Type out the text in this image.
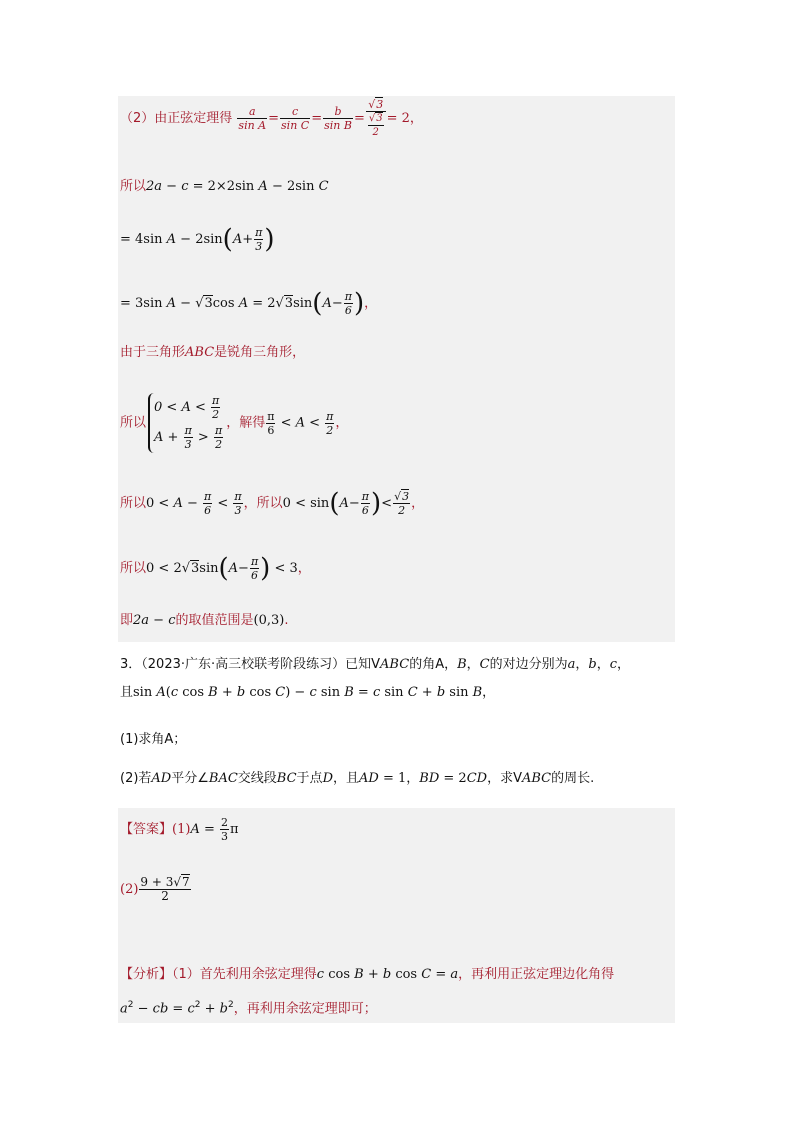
（2）由正弦定理得 $\frac{a}{\text{sin A}} = \frac{c}{\text{sin C}} = \frac{b}{\text{sin B}} = \frac{√3}{\frac{√3}{2}} = 2$，
所以2a − c = 2×2sin A − 2sin C
= 4sin $A - 2\sin(A+ \frac{\pi}{3}$ )
= 3sin A − √3cos $A = 2√3\sin(A- \frac{\pi}{6}$ )，
由于三角形ABC是锐角三角形，
所以
$0 < A < \frac{\pi}{2}$
$A + \frac{\pi}{3} > \frac{\pi}{2}$
，解得 $\frac{\pi}{6} < A < \frac{\pi}{2}$ ，
所以$0 < A - \frac{\pi}{6} < \frac{\pi}{3}$ ，所以$0 < \sin(A- \frac{\pi}{6}$ )< $\frac{√3}{2}$ ，
所以$0 < 2√3\sin(A- \frac{\pi}{6}$ ) < 3，
即2a − c的取值范围是(0,3).
3．（2023·广东·高三校联考阶段练习）已知VABC的角A，B，C的对边分别为a，b，c，
且sin A(c cos B + b cos C) − c sin B = c sin C + b sin B，
(1)求角A；
(2)若AD平分∠BAC交线段BC于点D，且AD = 1，BD = 2CD，求VABC的周长.
【答案】$(1)A = \frac{2}{3}$ π
$(2) \frac{9 + 3√7}{2}$
【分析】（1）首先利用余弦定理得c cos B + b cos C = a，再利用正弦定理边化角得
$a^2$ − cb = $c^2 + b^2$，再利用余弦定理即可；
